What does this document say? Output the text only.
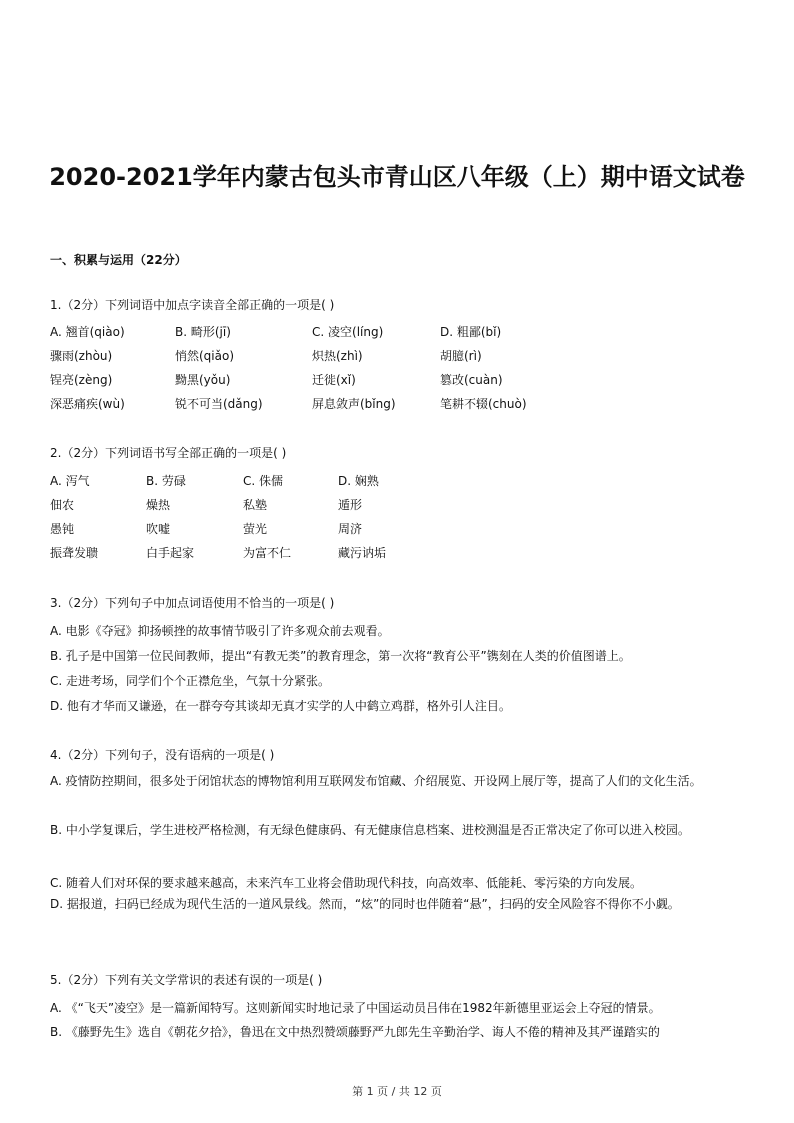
2020-2021学年内蒙古包头市青山区八年级（上）期中语文试卷
一、积累与运用（22分）
1.（2分）下列词语中加点字读音全部正确的一项是( )
A. 翘首(qiào)	B. 畸形(jī)	C. 凌空(líng)	D. 粗鄙(bǐ)
骤雨(zhòu)	悄然(qiǎo)	炽热(zhì)	胡臆(rì)
锃亮(zèng)	黝黑(yǒu)	迁徙(xǐ)	篡改(cuàn)
深恶痛疾(wù)	锐不可当(dǎng)	屏息敛声(bǐng)	笔耕不辍(chuò)
2.（2分）下列词语书写全部正确的一项是( )
A. 泻气	B. 劳碌	C. 侏儒	D. 娴熟
佃农	燥热	私塾	遁形
愚钝	吹嘘	萤光	周济
振聋发聩	白手起家	为富不仁	藏污讷垢
3.（2分）下列句子中加点词语使用不恰当的一项是( )
A. 电影《夺冠》抑扬顿挫的故事情节吸引了许多观众前去观看。
B. 孔子是中国第一位民间教师，提出“有教无类”的教育理念，第一次将“教育公平”镌刻在人类的价值图谱上。
C. 走进考场，同学们个个正襟危坐，气氛十分紧张。
D. 他有才华而又谦逊，在一群夸夸其谈却无真才实学的人中鹤立鸡群，格外引人注目。
4.（2分）下列句子，没有语病的一项是( )
A. 疫情防控期间，很多处于闭馆状态的博物馆利用互联网发布馆藏、介绍展览、开设网上展厅等，提高了人们的文化生活。
B. 中小学复课后，学生进校严格检测，有无绿色健康码、有无健康信息档案、进校测温是否正常决定了你可以进入校园。
C. 随着人们对环保的要求越来越高，未来汽车工业将会借助现代科技，向高效率、低能耗、零污染的方向发展。
D. 据报道，扫码已经成为现代生活的一道风景线。然而，“炫”的同时也伴随着“悬”，扫码的安全风险容不得你不小觑。
5.（2分）下列有关文学常识的表述有误的一项是( )
A. 《“飞天”凌空》是一篇新闻特写。这则新闻实时地记录了中国运动员吕伟在1982年新德里亚运会上夺冠的情景。
B. 《藤野先生》选自《朝花夕拾》，鲁迅在文中热烈赞颂藤野严九郎先生辛勤治学、诲人不倦的精神及其严谨踏实的
第 1 页 / 共 12 页
